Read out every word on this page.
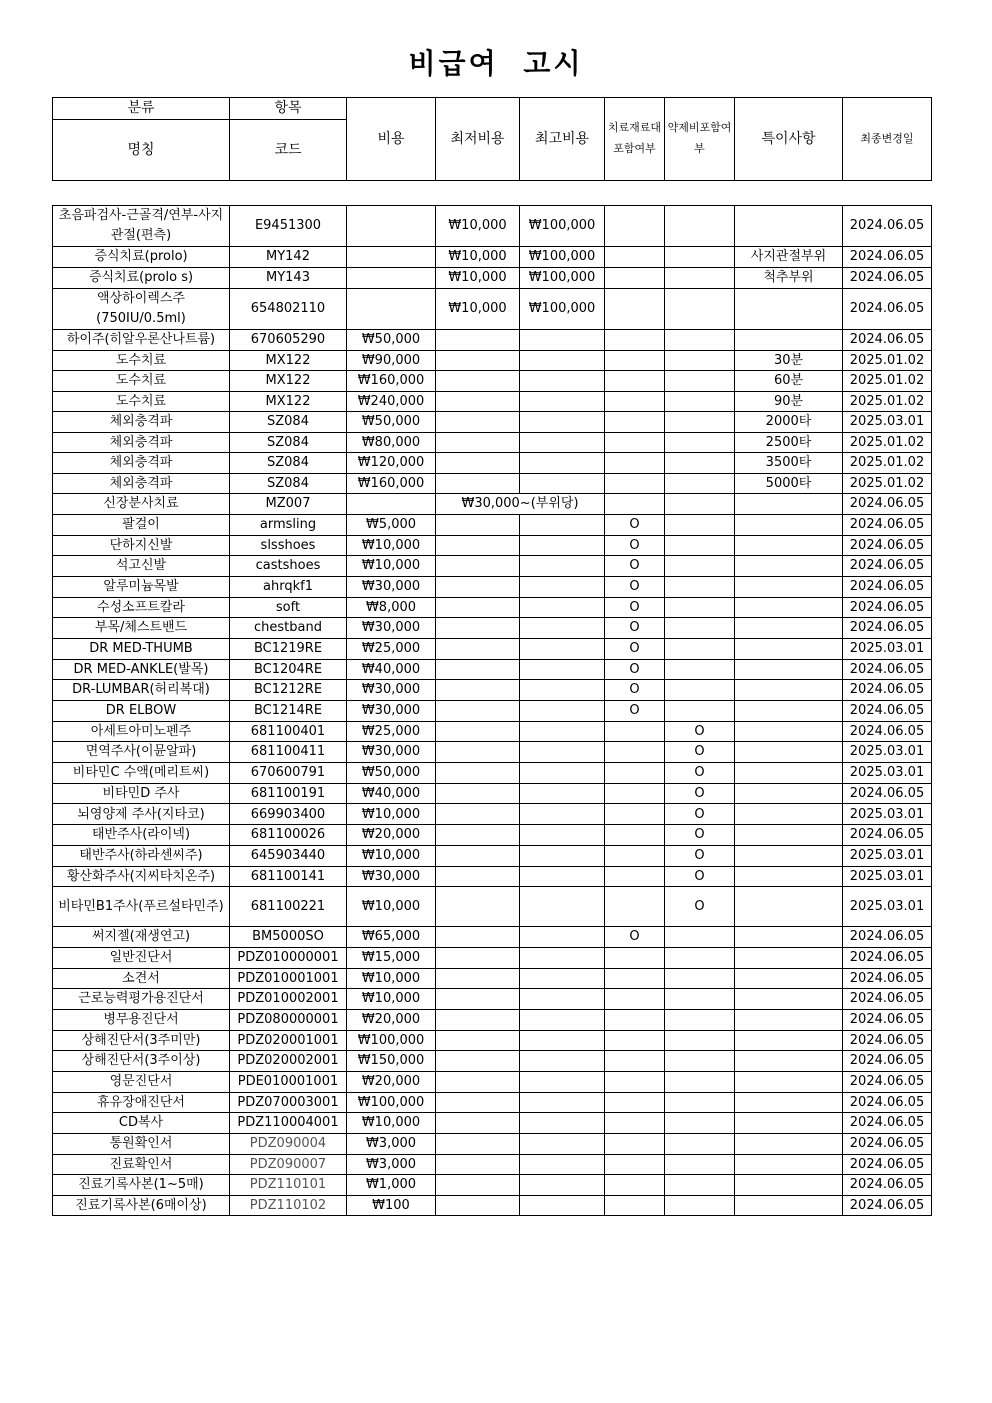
비급여 고시
분류	항목	비용	최저비용	최고비용	치료재료대포함여부	약제비포함여부	특이사항	최종변경일
명칭	코드							
초음파검사-근골격/연부-사지관절(편측)	E9451300		₩10,000	₩100,000				2024.06.05
증식치료(prolo)	MY142		₩10,000	₩100,000			사지관절부위	2024.06.05
증식치료(prolo s)	MY143		₩10,000	₩100,000			척추부위	2024.06.05
액상하이렉스주(750IU/0.5ml)	654802110		₩10,000	₩100,000				2024.06.05
하이주(히알우론산나트륨)	670605290	₩50,000						2024.06.05
도수치료	MX122	₩90,000					30분	2025.01.02
도수치료	MX122	₩160,000					60분	2025.01.02
도수치료	MX122	₩240,000					90분	2025.01.02
체외충격파	SZ084	₩50,000					2000타	2025.03.01
체외충격파	SZ084	₩80,000					2500타	2025.01.02
체외충격파	SZ084	₩120,000					3500타	2025.01.02
체외충격파	SZ084	₩160,000					5000타	2025.01.02
신장분사치료	MZ007		₩30,000~(부위당)					2024.06.05
팔걸이	armsling	₩5,000			O			2024.06.05
단하지신발	slsshoes	₩10,000			O			2024.06.05
석고신발	castshoes	₩10,000			O			2024.06.05
알루미늄목발	ahrqkf1	₩30,000			O			2024.06.05
수성소프트칼라	soft	₩8,000			O			2024.06.05
부목/체스트밴드	chestband	₩30,000			O			2024.06.05
DR MED-THUMB	BC1219RE	₩25,000			O			2025.03.01
DR MED-ANKLE(발목)	BC1204RE	₩40,000			O			2024.06.05
DR-LUMBAR(허리복대)	BC1212RE	₩30,000			O			2024.06.05
DR ELBOW	BC1214RE	₩30,000			O			2024.06.05
아세트아미노펜주	681100401	₩25,000				O		2024.06.05
면역주사(이뮨알파)	681100411	₩30,000				O		2025.03.01
비타민C 수액(메리트씨)	670600791	₩50,000				O		2025.03.01
비타민D 주사	681100191	₩40,000				O		2024.06.05
뇌영양제 주사(지타코)	669903400	₩10,000				O		2025.03.01
태반주사(라이넥)	681100026	₩20,000				O		2024.06.05
태반주사(하라센씨주)	645903440	₩10,000				O		2025.03.01
황산화주사(지씨타치온주)	681100141	₩30,000				O		2025.03.01
비타민B1주사(푸르설타민주)	681100221	₩10,000				O		2025.03.01
써지젤(재생연고)	BM5000SO	₩65,000			O			2024.06.05
일반진단서	PDZ010000001	₩15,000						2024.06.05
소견서	PDZ010001001	₩10,000						2024.06.05
근로능력평가용진단서	PDZ010002001	₩10,000						2024.06.05
병무용진단서	PDZ080000001	₩20,000						2024.06.05
상해진단서(3주미만)	PDZ020001001	₩100,000						2024.06.05
상해진단서(3주이상)	PDZ020002001	₩150,000						2024.06.05
영문진단서	PDE010001001	₩20,000						2024.06.05
휴유장애진단서	PDZ070003001	₩100,000						2024.06.05
CD복사	PDZ110004001	₩10,000						2024.06.05
통원확인서	PDZ090004	₩3,000						2024.06.05
진료확인서	PDZ090007	₩3,000						2024.06.05
진료기록사본(1~5매)	PDZ110101	₩1,000						2024.06.05
진료기록사본(6매이상)	PDZ110102	₩100						2024.06.05
